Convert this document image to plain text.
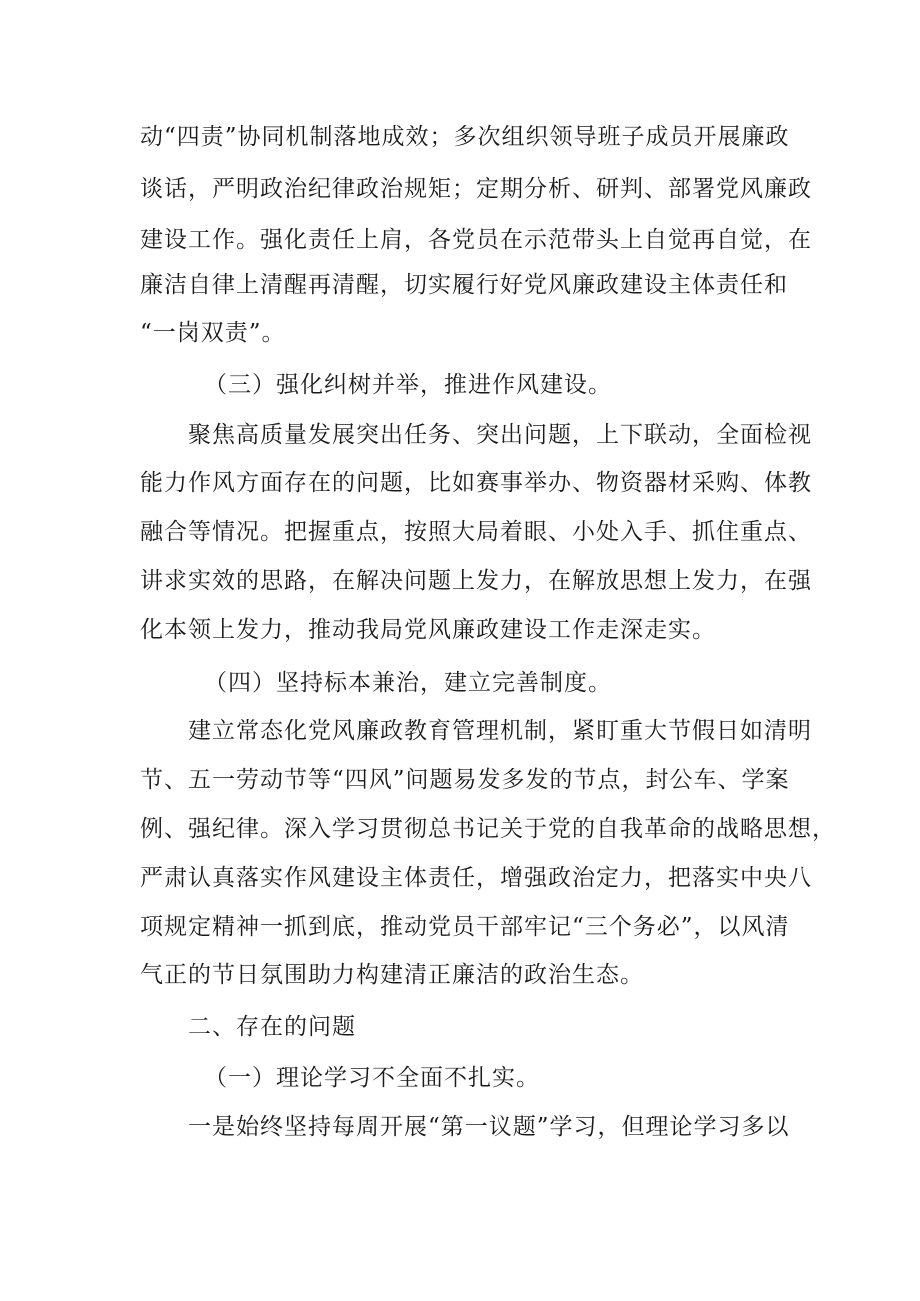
动“四责”协同机制落地成效；多次组织领导班子成员开展廉政
谈话，严明政治纪律政治规矩；定期分析、研判、部署党风廉政
建设工作。强化责任上肩，各党员在示范带头上自觉再自觉，在
廉洁自律上清醒再清醒，切实履行好党风廉政建设主体责任和
“一岗双责”。
（三）强化纠树并举，推进作风建设。
聚焦高质量发展突出任务、突出问题，上下联动，全面检视
能力作风方面存在的问题，比如赛事举办、物资器材采购、体教
融合等情况。把握重点，按照大局着眼、小处入手、抓住重点、
讲求实效的思路，在解决问题上发力，在解放思想上发力，在强
化本领上发力，推动我局党风廉政建设工作走深走实。
（四）坚持标本兼治，建立完善制度。
建立常态化党风廉政教育管理机制，紧盯重大节假日如清明
节、五一劳动节等“四风”问题易发多发的节点，封公车、学案
例、强纪律。深入学习贯彻总书记关于党的自我革命的战略思想，
严肃认真落实作风建设主体责任，增强政治定力，把落实中央八
项规定精神一抓到底，推动党员干部牢记“三个务必”，以风清
气正的节日氛围助力构建清正廉洁的政治生态。
二、存在的问题
（一）理论学习不全面不扎实。
一是始终坚持每周开展“第一议题”学习，但理论学习多以
